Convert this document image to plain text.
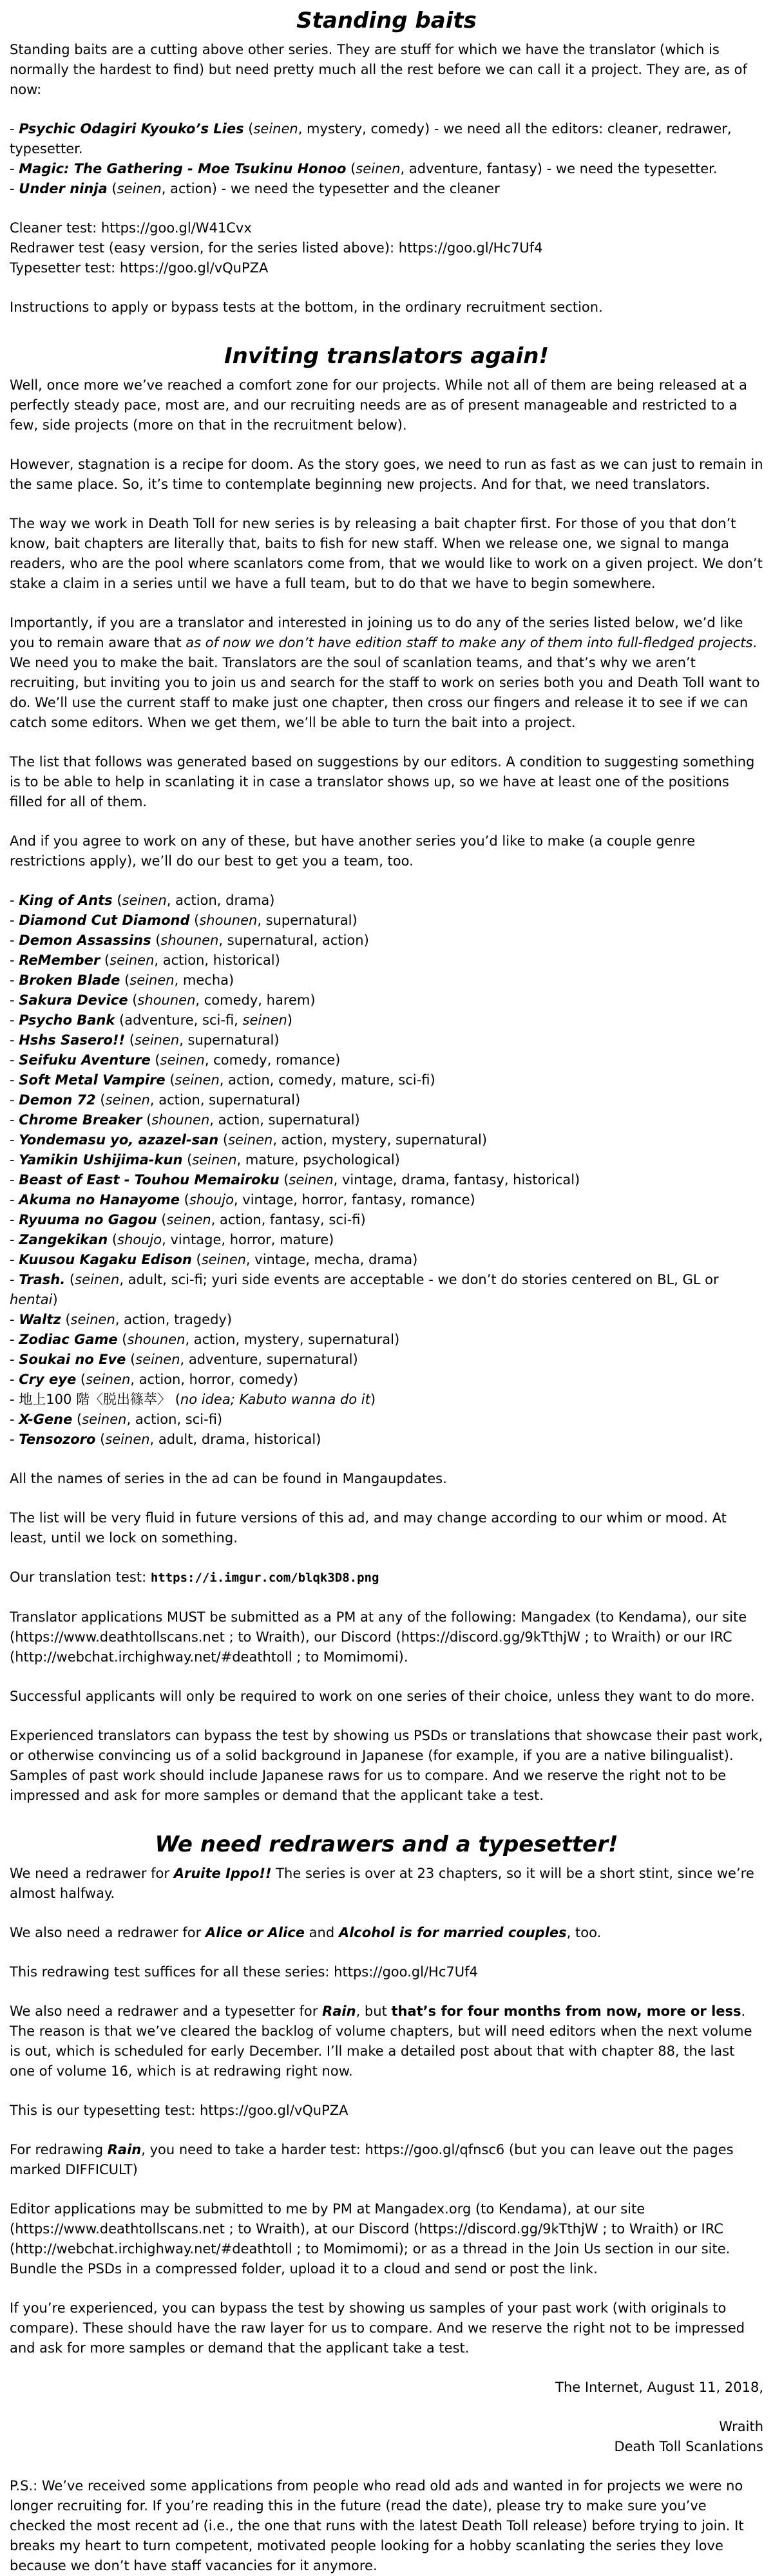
Standing baits

Standing baits are a cutting above other series. They are stuff for which we have the translator (which is normally the hardest to find) but need pretty much all the rest before we can call it a project. They are, as of now:

- Psychic Odagiri Kyouko’s Lies (seinen, mystery, comedy) - we need all the editors: cleaner, redrawer, typesetter.

- Magic: The Gathering - Moe Tsukinu Honoo (seinen, adventure, fantasy) - we need the typesetter.

- Under ninja (seinen, action) - we need the typesetter and the cleaner

Cleaner test: https://goo.gl/W41Cvx

Redrawer test (easy version, for the series listed above): https://goo.gl/Hc7Uf4

Typesetter test: https://goo.gl/vQuPZA

Instructions to apply or bypass tests at the bottom, in the ordinary recruitment section.

Inviting translators again!

Well, once more we’ve reached a comfort zone for our projects. While not all of them are being released at a perfectly steady pace, most are, and our recruiting needs are as of present manageable and restricted to a few, side projects (more on that in the recruitment below).

However, stagnation is a recipe for doom. As the story goes, we need to run as fast as we can just to remain in the same place. So, it’s time to contemplate beginning new projects. And for that, we need translators.

The way we work in Death Toll for new series is by releasing a bait chapter first. For those of you that don’t know, bait chapters are literally that, baits to fish for new staff. When we release one, we signal to manga readers, who are the pool where scanlators come from, that we would like to work on a given project. We don’t stake a claim in a series until we have a full team, but to do that we have to begin somewhere.

Importantly, if you are a translator and interested in joining us to do any of the series listed below, we’d like you to remain aware that as of now we don’t have edition staff to make any of them into full-fledged projects. We need you to make the bait. Translators are the soul of scanlation teams, and that’s why we aren’t recruiting, but inviting you to join us and search for the staff to work on series both you and Death Toll want to do. We’ll use the current staff to make just one chapter, then cross our fingers and release it to see if we can catch some editors. When we get them, we’ll be able to turn the bait into a project.

The list that follows was generated based on suggestions by our editors. A condition to suggesting something is to be able to help in scanlating it in case a translator shows up, so we have at least one of the positions filled for all of them.

And if you agree to work on any of these, but have another series you’d like to make (a couple genre restrictions apply), we’ll do our best to get you a team, too.

- King of Ants (seinen, action, drama)

- Diamond Cut Diamond (shounen, supernatural)

- Demon Assassins (shounen, supernatural, action)

- ReMember (seinen, action, historical)

- Broken Blade (seinen, mecha)

- Sakura Device (shounen, comedy, harem)

- Psycho Bank (adventure, sci-fi, seinen)

- Hshs Sasero!! (seinen, supernatural)

- Seifuku Aventure (seinen, comedy, romance)

- Soft Metal Vampire (seinen, action, comedy, mature, sci-fi)

- Demon 72 (seinen, action, supernatural)

- Chrome Breaker (shounen, action, supernatural)

- Yondemasu yo, azazel-san (seinen, action, mystery, supernatural)

- Yamikin Ushijima-kun (seinen, mature, psychological)

- Beast of East - Touhou Memairoku (seinen, vintage, drama, fantasy, historical)

- Akuma no Hanayome (shoujo, vintage, horror, fantasy, romance)

- Ryuuma no Gagou (seinen, action, fantasy, sci-fi)

- Zangekikan (shoujo, vintage, horror, mature)

- Kuusou Kagaku Edison (seinen, vintage, mecha, drama)

- Trash. (seinen, adult, sci-fi; yuri side events are acceptable - we don’t do stories centered on BL, GL or hentai)

- Waltz (seinen, action, tragedy)

- Zodiac Game (shounen, action, mystery, supernatural)

- Soukai no Eve (seinen, adventure, supernatural)

- Cry eye (seinen, action, horror, comedy)

- 地上100 階〈脱出篠萃〉 (no idea; Kabuto wanna do it)

- X-Gene (seinen, action, sci-fi)

- Tensozoro (seinen, adult, drama, historical)

All the names of series in the ad can be found in Mangaupdates.

The list will be very fluid in future versions of this ad, and may change according to our whim or mood. At least, until we lock on something.

Our translation test: https://i.imgur.com/blqk3D8.png

Translator applications MUST be submitted as a PM at any of the following: Mangadex (to Kendama), our site (https://www.deathtollscans.net ; to Wraith), our Discord (https://discord.gg/9kTthjW ; to Wraith) or our IRC (http://webchat.irchighway.net/#deathtoll ; to Momimomi).

Successful applicants will only be required to work on one series of their choice, unless they want to do more.

Experienced translators can bypass the test by showing us PSDs or translations that showcase their past work, or otherwise convincing us of a solid background in Japanese (for example, if you are a native bilingualist). Samples of past work should include Japanese raws for us to compare. And we reserve the right not to be impressed and ask for more samples or demand that the applicant take a test.

We need redrawers and a typesetter!

We need a redrawer for Aruite Ippo!! The series is over at 23 chapters, so it will be a short stint, since we’re almost halfway.

We also need a redrawer for Alice or Alice and Alcohol is for married couples, too.

This redrawing test suffices for all these series: https://goo.gl/Hc7Uf4

We also need a redrawer and a typesetter for Rain, but that’s for four months from now, more or less. The reason is that we’ve cleared the backlog of volume chapters, but will need editors when the next volume is out, which is scheduled for early December. I’ll make a detailed post about that with chapter 88, the last one of volume 16, which is at redrawing right now.

This is our typesetting test: https://goo.gl/vQuPZA

For redrawing Rain, you need to take a harder test: https://goo.gl/qfnsc6 (but you can leave out the pages marked DIFFICULT)

Editor applications may be submitted to me by PM at Mangadex.org (to Kendama), at our site (https://www.deathtollscans.net ; to Wraith), at our Discord (https://discord.gg/9kTthjW ; to Wraith) or IRC (http://webchat.irchighway.net/#deathtoll ; to Momimomi); or as a thread in the Join Us section in our site. Bundle the PSDs in a compressed folder, upload it to a cloud and send or post the link.

If you’re experienced, you can bypass the test by showing us samples of your past work (with originals to compare). These should have the raw layer for us to compare. And we reserve the right not to be impressed and ask for more samples or demand that the applicant take a test.

The Internet, August 11, 2018,

Wraith

Death Toll Scanlations

P.S.: We’ve received some applications from people who read old ads and wanted in for projects we were no longer recruiting for. If you’re reading this in the future (read the date), please try to make sure you’ve checked the most recent ad (i.e., the one that runs with the latest Death Toll release) before trying to join. It breaks my heart to turn competent, motivated people looking for a hobby scanlating the series they love because we don’t have staff vacancies for it anymore.
